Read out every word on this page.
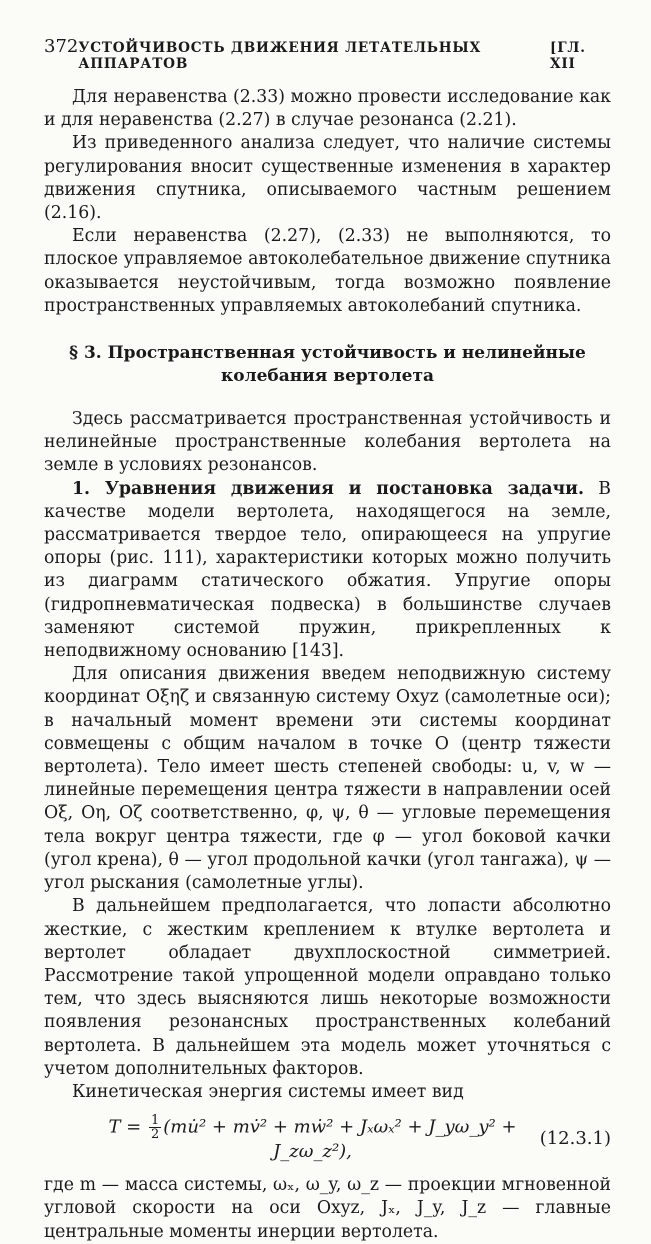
372 УСТОЙЧИВОСТЬ ДВИЖЕНИЯ ЛЕТАТЕЛЬНЫХ АППАРАТОВ
[ГЛ. XII

Для неравенства (2.33) можно провести исследование как и для неравенства (2.27) в случае резонанса (2.21).

Из приведенного анализа следует, что наличие системы регулирования вносит существенные изменения в характер движения спутника, описываемого частным решением (2.16).

Если неравенства (2.27), (2.33) не выполняются, то плоское управляемое автоколебательное движение спутника оказывается неустойчивым, тогда возможно появление пространственных управляемых автоколебаний спутника.

§ 3. Пространственная устойчивость и нелинейные
колебания вертолета

Здесь рассматривается пространственная устойчивость и нелинейные пространственные колебания вертолета на земле в условиях резонансов.

1. Уравнения движения и постановка задачи. В качестве модели вертолета, находящегося на земле, рассматривается твердое тело, опирающееся на упругие опоры (рис. 111), характеристики которых можно получить из диаграмм статического обжатия. Упругие опоры (гидропневматическая подвеска) в большинстве случаев заменяют системой пружин, прикрепленных к неподвижному основанию [143].

Для описания движения введем неподвижную систему координат Oξηζ и связанную систему Oxyz (самолетные оси); в начальный момент времени эти системы координат совмещены с общим началом в точке O (центр тяжести вертолета). Тело имеет шесть степеней свободы: u, v, w — линейные перемещения центра тяжести в направлении осей Oξ, Oη, Oζ соответственно, φ, ψ, θ — угловые перемещения тела вокруг центра тяжести, где φ — угол боковой качки (угол крена), θ — угол продольной качки (угол тангажа), ψ — угол рыскания (самолетные углы).

В дальнейшем предполагается, что лопасти абсолютно жесткие, с жестким креплением к втулке вертолета и вертолет обладает двухплоскостной симметрией. Рассмотрение такой упрощенной модели оправдано только тем, что здесь выясняются лишь некоторые возможности появления резонансных пространственных колебаний вертолета. В дальнейшем эта модель может уточняться с учетом дополнительных факторов.

Кинетическая энергия системы имеет вид

$T = \frac{1}{2}$ (mu̇² + mv̇² + mẇ² + Jₓωₓ² + J_yω_y² + J_zω_z²),
(12.3.1)

где m — масса системы, ωₓ, ω_y, ω_z — проекции мгновенной угловой скорости на оси Oxyz, Jₓ, J_y, J_z — главные центральные моменты инерции вертолета.
